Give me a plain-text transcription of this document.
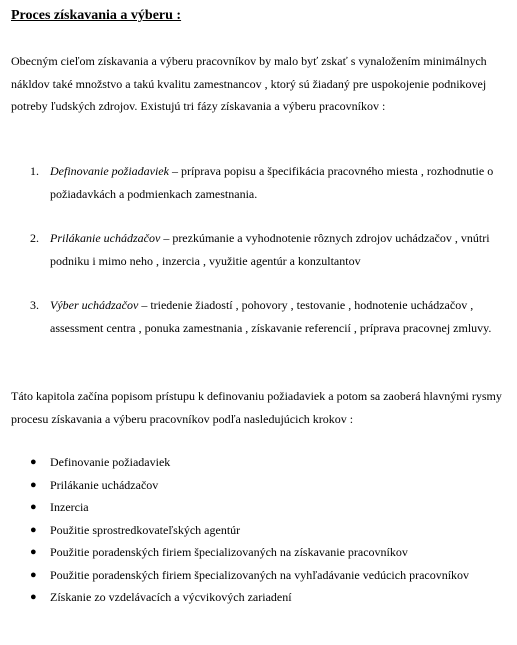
Proces získavania a výberu :

Obecným cieľom získavania a výberu pracovníkov by malo byť zskať s vynaložením minimálnych nákldov také množstvo a takú kvalitu zamestnancov , ktorý sú žiadaný pre uspokojenie podnikovej potreby ľudských zdrojov. Existujú tri fázy získavania a výberu pracovníkov :

1. Definovanie požiadaviek – príprava popisu a špecifikácia pracovného miesta , rozhodnutie o požiadavkách a podmienkach zamestnania.
2. Prilákanie uchádzačov – prezkúmanie a vyhodnotenie rôznych zdrojov uchádzačov , vnútri podniku i mimo neho , inzercia , využitie agentúr a konzultantov
3. Výber uchádzačov – triedenie žiadostí , pohovory , testovanie , hodnotenie uchádzačov , assessment centra , ponuka zamestnania , získavanie referencií , príprava pracovnej zmluvy.

Táto kapitola začína popisom prístupu k definovaniu požiadaviek a potom sa zaoberá hlavnými rysmy procesu získavania a výberu pracovníkov podľa nasledujúcich krokov :

● Definovanie požiadaviek
● Prilákanie uchádzačov
● Inzercia
● Použitie sprostredkovateľských agentúr
● Použitie poradenských firiem špecializovaných na získavanie pracovníkov
● Použitie poradenských firiem špecializovaných na vyhľadávanie vedúcich pracovníkov
● Získanie zo vzdelávacích a výcvikových zariadení
